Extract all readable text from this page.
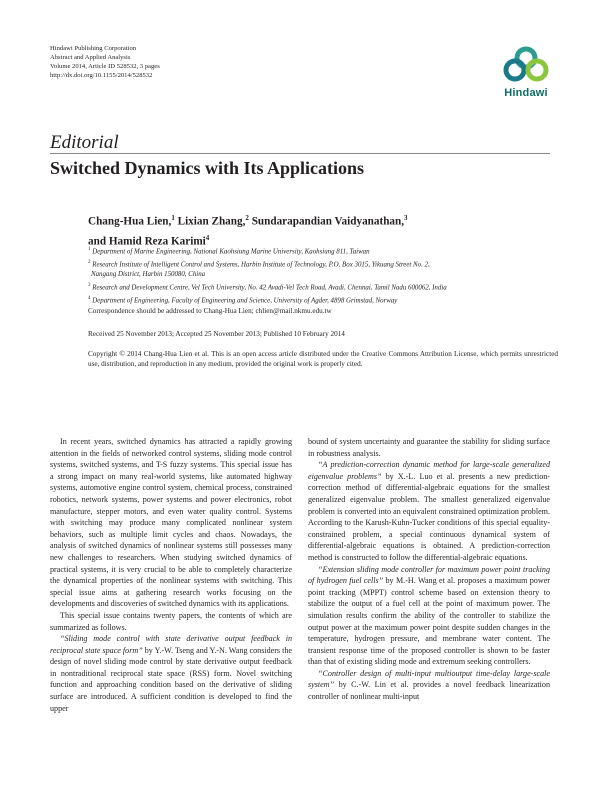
Hindawi Publishing Corporation
Abstract and Applied Analysis
Volume 2014, Article ID 528532, 3 pages
http://dx.doi.org/10.1155/2014/528532
Hindawi
Editorial
Switched Dynamics with Its Applications
Chang-Hua Lien,$^1$ Lixian Zhang,$^2$ Sundarapandian Vaidyanathan,$^3$
and Hamid Reza Karimi$^4$
$^1$ Department of Marine Engineering, National Kaohsiung Marine University, Kaohsiung 811, Taiwan
$^2$ Research Institute of Intelligent Control and Systems, Harbin Institute of Technology, P.O. Box 3015, Yikuang Street No. 2,
Nangang District, Harbin 150080, China
$^3$ Research and Development Centre, Vel Tech University, No. 42 Avadi-Vel Tech Road, Avadi, Chennai, Tamil Nadu 600062, India
$^4$ Department of Engineering, Faculty of Engineering and Science, University of Agder, 4898 Grimstad, Norway
Correspondence should be addressed to Chang-Hua Lien; chlien@mail.nkmu.edu.tw
Received 25 November 2013; Accepted 25 November 2013; Published 10 February 2014
Copyright © 2014 Chang-Hua Lien et al. This is an open access article distributed under the Creative Commons Attribution License, which permits unrestricted use, distribution, and reproduction in any medium, provided the original work is properly cited.

In recent years, switched dynamics has attracted a rapidly growing attention in the fields of networked control systems, sliding mode control systems, switched systems, and T-S fuzzy systems. This special issue has a strong impact on many real-world systems, like automated highway systems, automotive engine control system, chemical process, constrained robotics, network systems, power systems and power electronics, robot manufacture, stepper motors, and even water quality control. Systems with switching may produce many complicated nonlinear system behaviors, such as multiple limit cycles and chaos. Nowadays, the analysis of switched dynamics of nonlinear systems still possesses many new challenges to researchers. When studying switched dynamics of practical systems, it is very crucial to be able to completely characterize the dynamical properties of the nonlinear systems with switching. This special issue aims at gathering research works focusing on the developments and discoveries of switched dynamics with its applications.

This special issue contains twenty papers, the contents of which are summarized as follows.

“Sliding mode control with state derivative output feedback in reciprocal state space form” by Y.-W. Tseng and Y.-N. Wang considers the design of novel sliding mode control by state derivative output feedback in nontraditional reciprocal state space (RSS) form. Novel switching function and approaching condition based on the derivative of sliding surface are introduced. A sufficient condition is developed to find the upper

bound of system uncertainty and guarantee the stability for sliding surface in robustness analysis.

“A prediction-correction dynamic method for large-scale generalized eigenvalue problems” by X.-L. Luo et al. presents a new prediction-correction method of differential-algebraic equations for the smallest generalized eigenvalue problem. The smallest generalized eigenvalue problem is converted into an equivalent constrained optimization problem. According to the Karush-Kuhn-Tucker conditions of this special equality-constrained problem, a special continuous dynamical system of differential-algebraic equations is obtained. A prediction-correction method is constructed to follow the differential-algebraic equations.

“Extension sliding mode controller for maximum power point tracking of hydrogen fuel cells” by M.-H. Wang et al. proposes a maximum power point tracking (MPPT) control scheme based on extension theory to stabilize the output of a fuel cell at the point of maximum power. The simulation results confirm the ability of the controller to stabilize the output power at the maximum power point despite sudden changes in the temperature, hydrogen pressure, and membrane water content. The transient response time of the proposed controller is shown to be faster than that of existing sliding mode and extremum seeking controllers.

“Controller design of multi-input multioutput time-delay large-scale system” by C.-W. Lin et al. provides a novel feedback linearization controller of nonlinear multi-input
